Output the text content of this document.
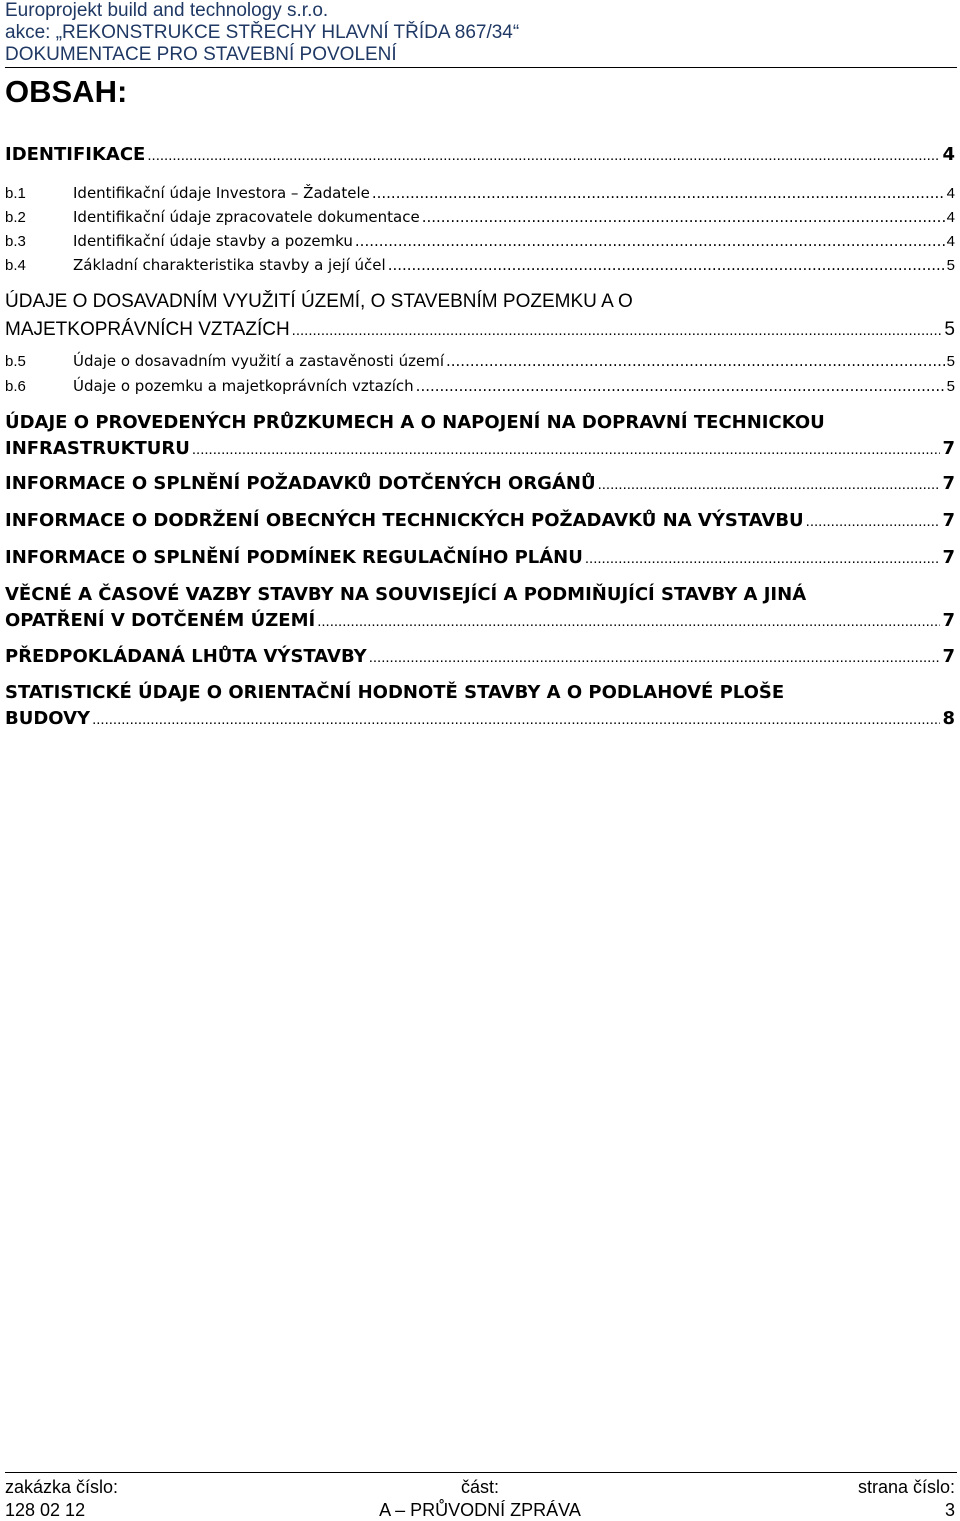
Europrojekt build and technology s.r.o.
akce: „REKONSTRUKCE STŘECHY HLAVNÍ TŘÍDA 867/34“
DOKUMENTACE PRO STAVEBNÍ POVOLENÍ
OBSAH:
IDENTIFIKACE .....	4
b.1	Identifikační údaje Investora – Žadatele .....	4
b.2	Identifikační údaje zpracovatele dokumentace .....	4
b.3	Identifikační údaje stavby a pozemku .....	4
b.4	Základní charakteristika stavby a její účel .....	5
ÚDAJE O DOSAVADNÍM VYUŽITÍ ÚZEMÍ, O STAVEBNÍM POZEMKU A O
MAJETKOPRÁVNÍCH VZTAZÍCH .....	5
b.5	Údaje o dosavadním využití a zastavěnosti území .....	5
b.6	Údaje o pozemku a majetkoprávních vztazích .....	5
ÚDAJE O PROVEDENÝCH PRŮZKUMECH A O NAPOJENÍ NA DOPRAVNÍ TECHNICKOU
INFRASTRUKTURU .....	7
INFORMACE O SPLNĚNÍ POŽADAVKŮ DOTČENÝCH ORGÁNŮ .....	7
INFORMACE O DODRŽENÍ OBECNÝCH TECHNICKÝCH POŽADAVKŮ NA VÝSTAVBU .....	7
INFORMACE O SPLNĚNÍ PODMÍNEK REGULAČNÍHO PLÁNU .....	7
VĚCNÉ A ČASOVÉ VAZBY STAVBY NA SOUVISEJÍCÍ A PODMIŇUJÍCÍ STAVBY A JINÁ
OPATŘENÍ V DOTČENÉM ÚZEMÍ .....	7
PŘEDPOKLÁDANÁ LHŮTA VÝSTAVBY .....	7
STATISTICKÉ ÚDAJE O ORIENTAČNÍ HODNOTĚ STAVBY A O PODLAHOVÉ PLOŠE
BUDOVY .....	8
zakázka číslo:	část:	strana číslo:
128 02 12	A – PRŮVODNÍ ZPRÁVA	3
